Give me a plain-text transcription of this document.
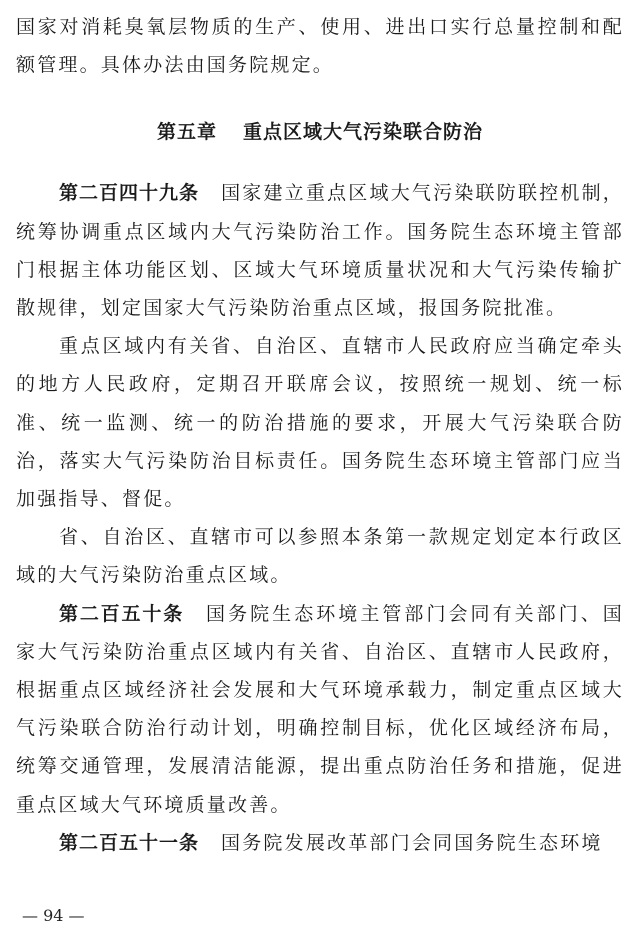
国家对消耗臭氧层物质的生产、使用、进出口实行总量控制和配额管理。具体办法由国务院规定。

第五章 重点区域大气污染联合防治

第二百四十九条 国家建立重点区域大气污染联防联控机制，统筹协调重点区域内大气污染防治工作。国务院生态环境主管部门根据主体功能区划、区域大气环境质量状况和大气污染传输扩散规律，划定国家大气污染防治重点区域，报国务院批准。

重点区域内有关省、自治区、直辖市人民政府应当确定牵头的地方人民政府，定期召开联席会议，按照统一规划、统一标准、统一监测、统一的防治措施的要求，开展大气污染联合防治，落实大气污染防治目标责任。国务院生态环境主管部门应当加强指导、督促。

省、自治区、直辖市可以参照本条第一款规定划定本行政区域的大气污染防治重点区域。

第二百五十条 国务院生态环境主管部门会同有关部门、国家大气污染防治重点区域内有关省、自治区、直辖市人民政府，根据重点区域经济社会发展和大气环境承载力，制定重点区域大气污染联合防治行动计划，明确控制目标，优化区域经济布局，统筹交通管理，发展清洁能源，提出重点防治任务和措施，促进重点区域大气环境质量改善。

第二百五十一条 国务院发展改革部门会同国务院生态环境

— 94 —
